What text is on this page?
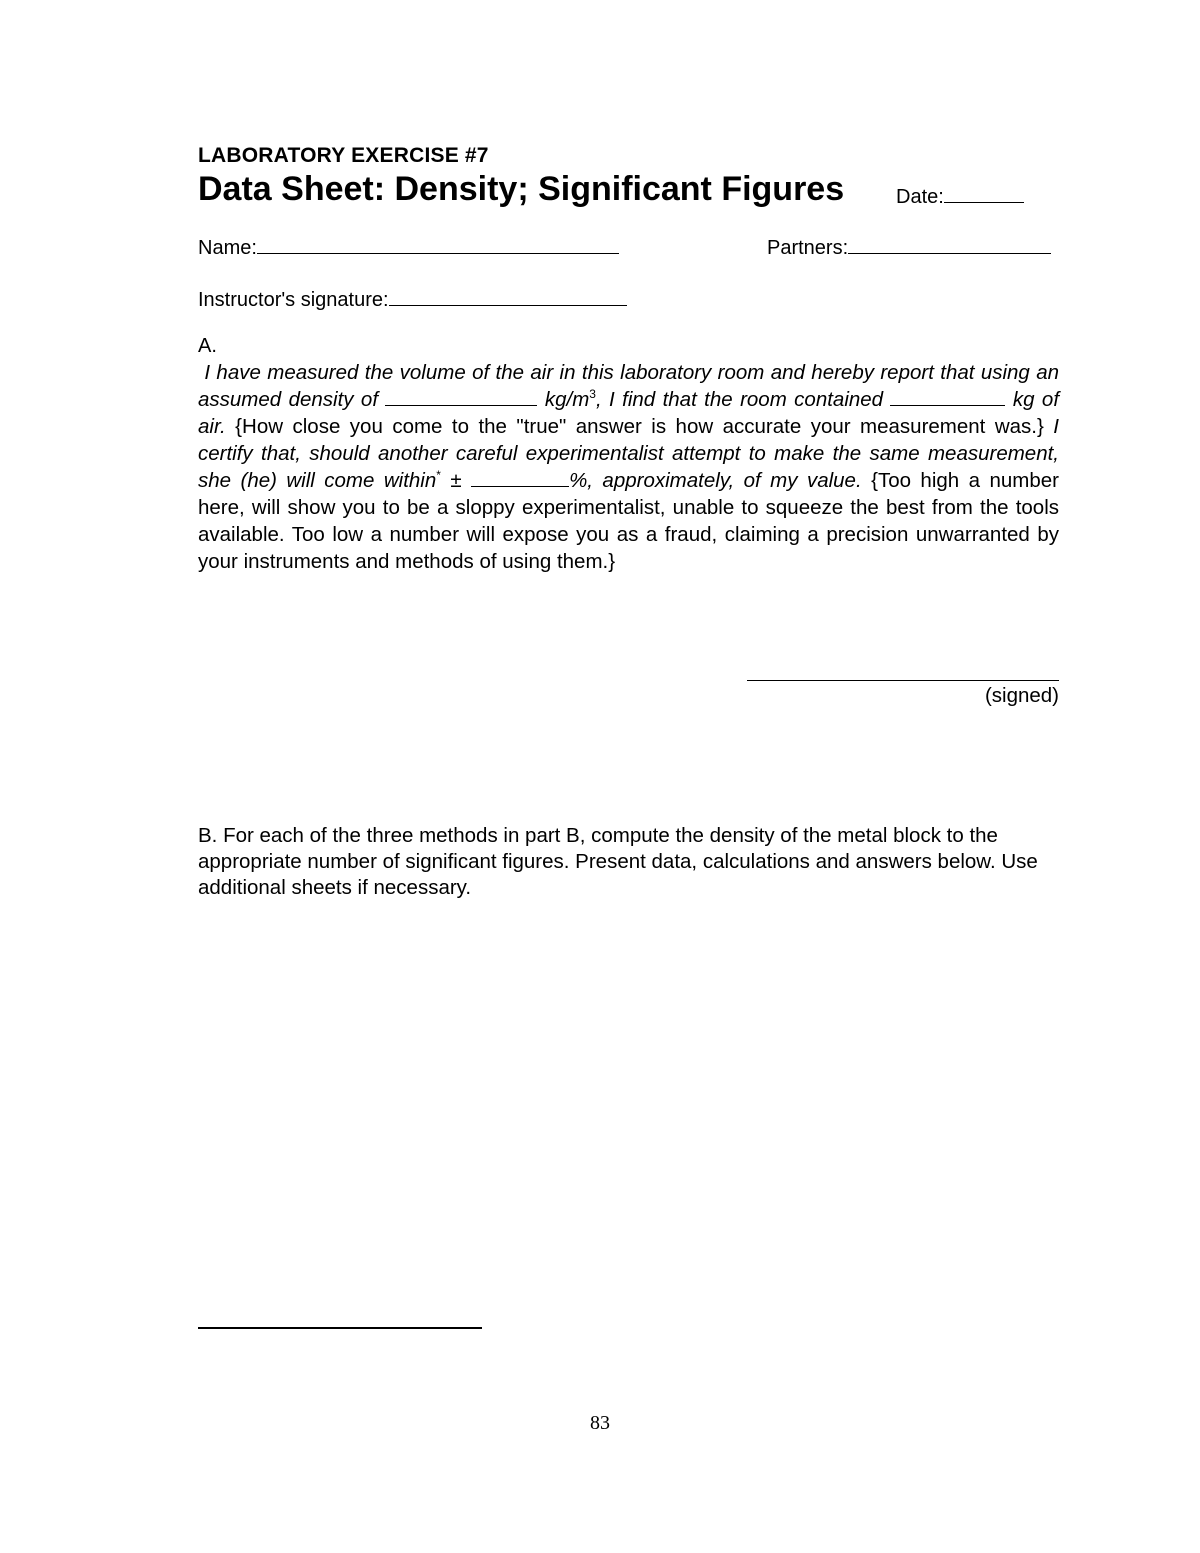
LABORATORY EXERCISE #7
Data Sheet: Density; Significant Figures	Date:
Name:	Partners:
Instructor's signature:
A.
I have measured the volume of the air in this laboratory room and hereby report that using an assumed density of	$kg/m^3$, I find that the room contained	kg of air. {How close you come to the "true" answer is how accurate your measurement was.} I certify that, should another careful experimentalist attempt to make the same measurement, she (he) will come within* ±	%, approximately, of my value. {Too high a number here, will show you to be a sloppy experimentalist, unable to squeeze the best from the tools available. Too low a number will expose you as a fraud, claiming a precision unwarranted by your instruments and methods of using them.}
(signed)
B. For each of the three methods in part B, compute the density of the metal block to the appropriate number of significant figures. Present data, calculations and answers below. Use additional sheets if necessary.
83
